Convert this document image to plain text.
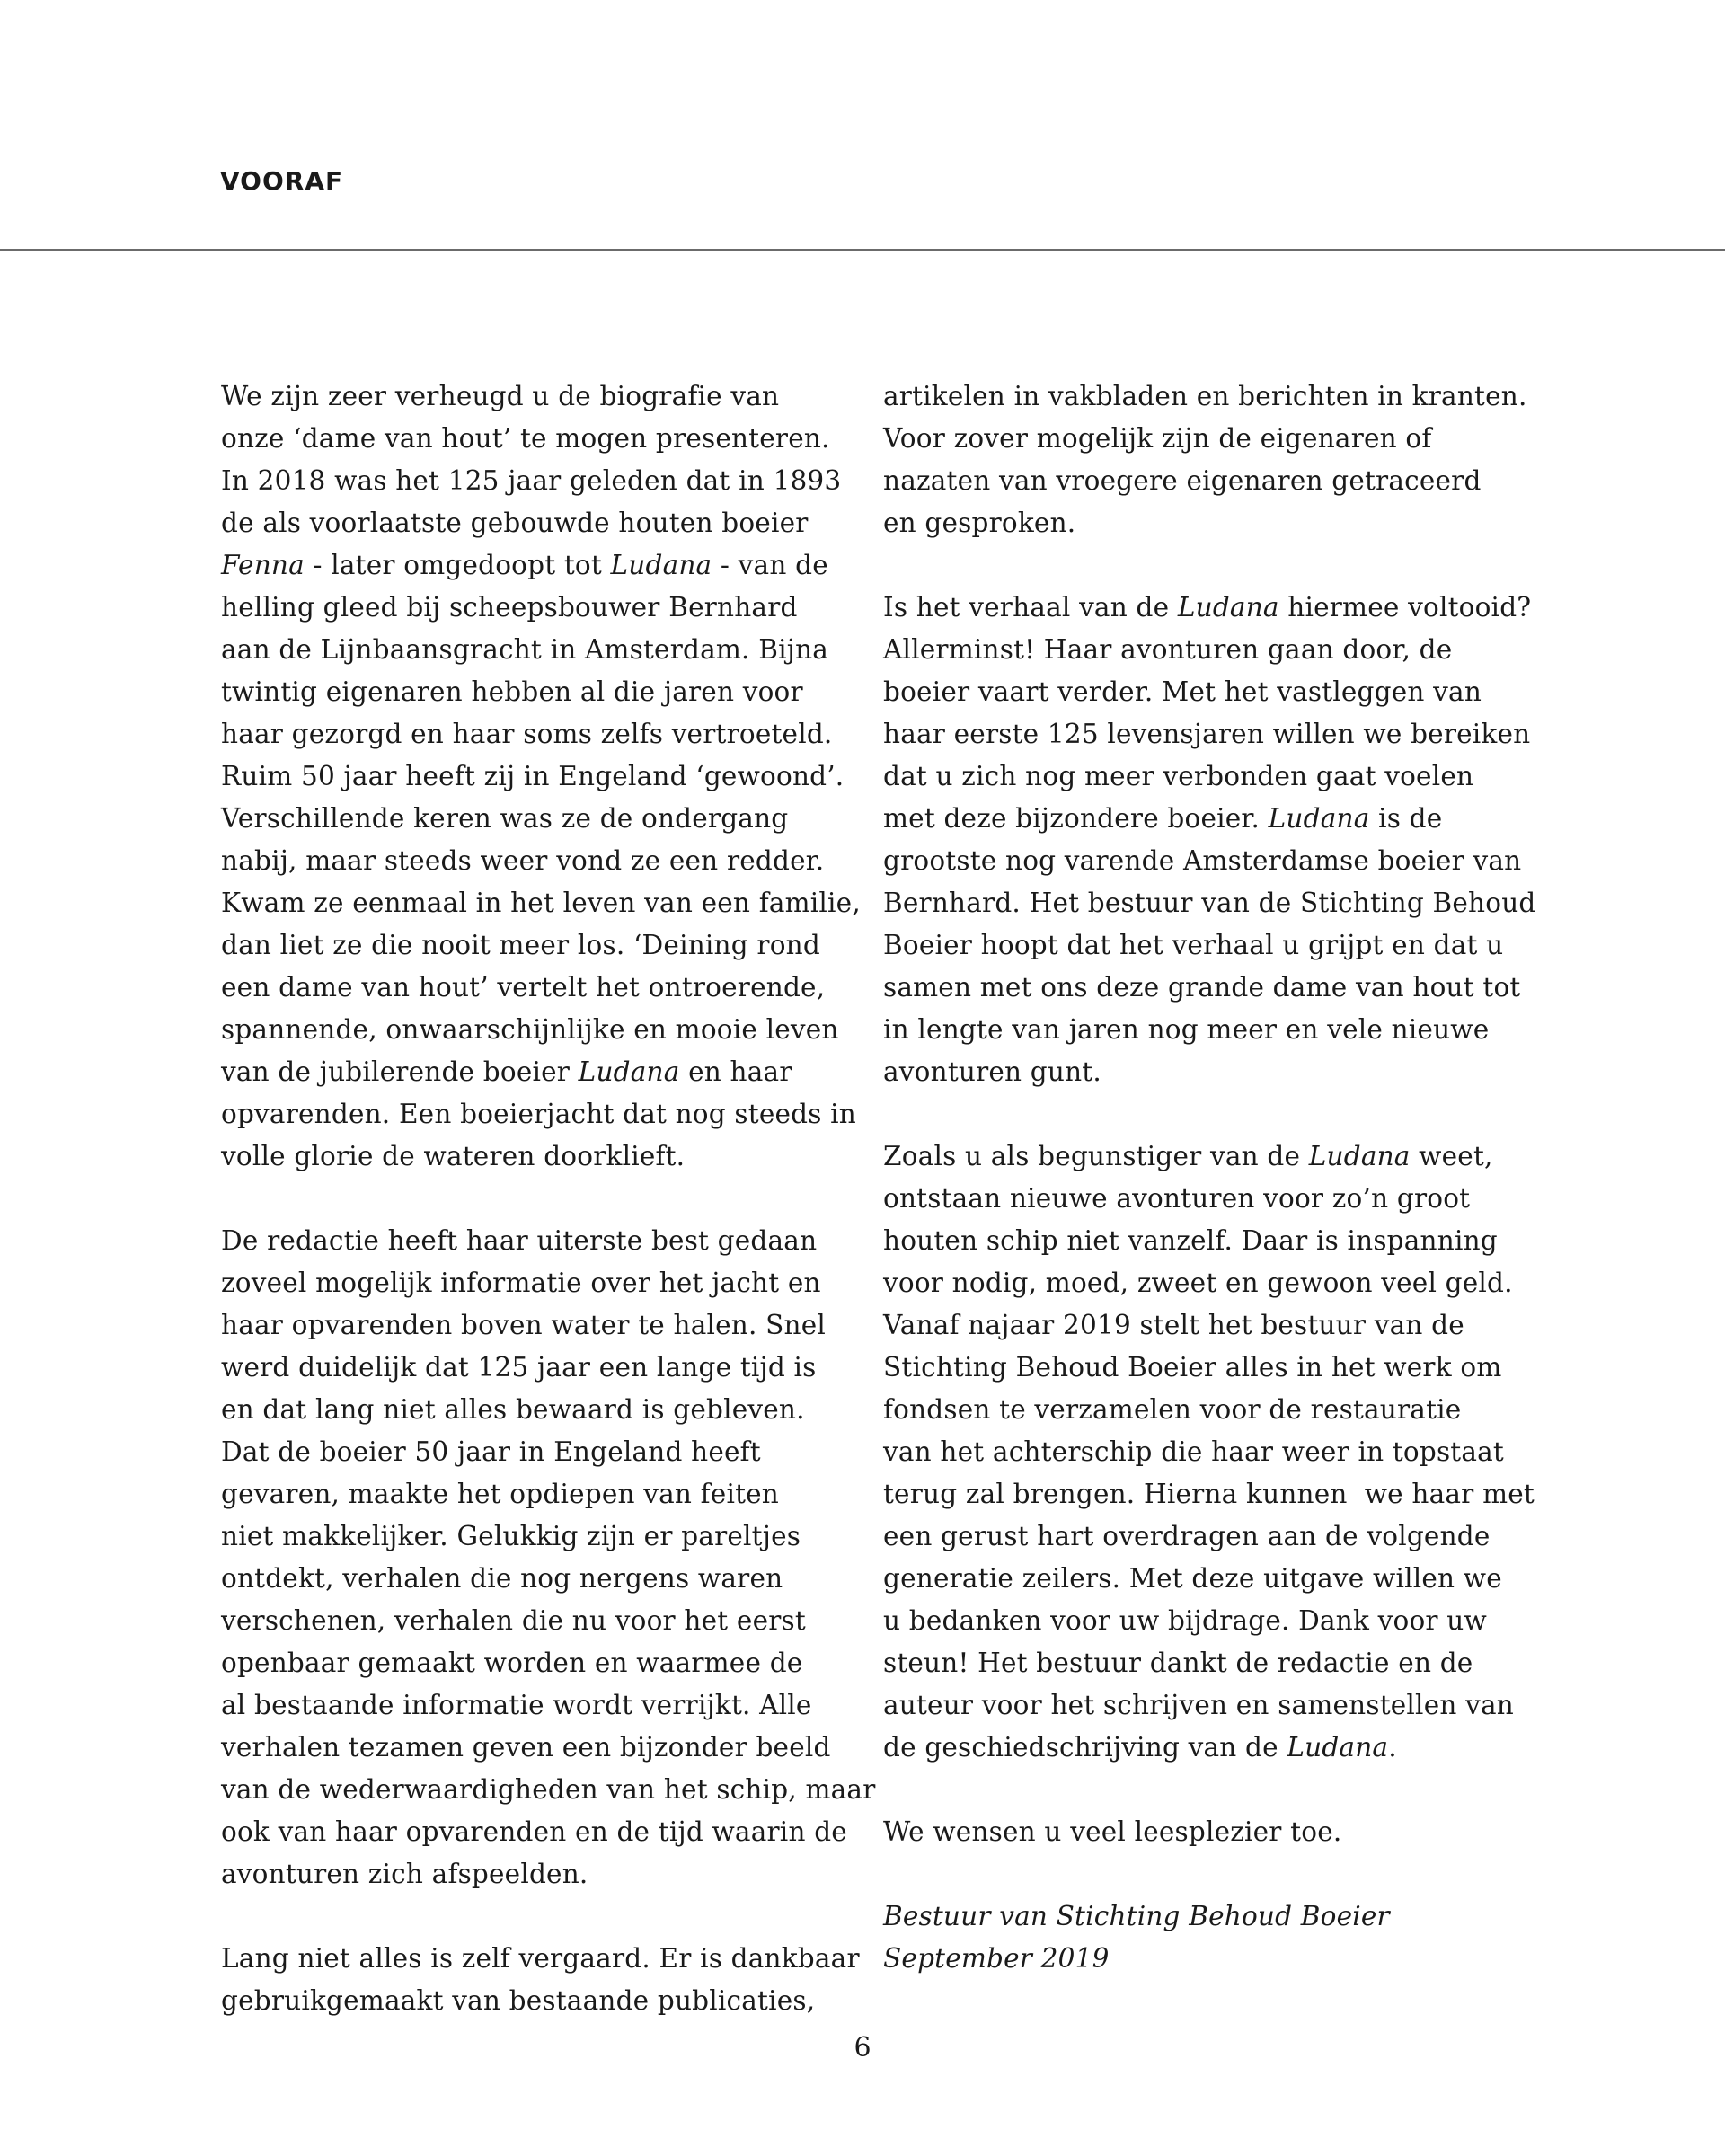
VOORAF

We zijn zeer verheugd u de biografie van
onze ‘dame van hout’ te mogen presenteren.
In 2018 was het 125 jaar geleden dat in 1893
de als voorlaatste gebouwde houten boeier
Fenna - later omgedoopt tot Ludana - van de
helling gleed bij scheepsbouwer Bernhard
aan de Lijnbaansgracht in Amsterdam. Bijna
twintig eigenaren hebben al die jaren voor
haar gezorgd en haar soms zelfs vertroeteld.
Ruim 50 jaar heeft zij in Engeland ‘gewoond’.
Verschillende keren was ze de ondergang
nabij, maar steeds weer vond ze een redder.
Kwam ze eenmaal in het leven van een familie,
dan liet ze die nooit meer los. ‘Deining rond
een dame van hout’ vertelt het ontroerende,
spannende, onwaarschijnlijke en mooie leven
van de jubilerende boeier Ludana en haar
opvarenden. Een boeierjacht dat nog steeds in
volle glorie de wateren doorklieft.

De redactie heeft haar uiterste best gedaan
zoveel mogelijk informatie over het jacht en
haar opvarenden boven water te halen. Snel
werd duidelijk dat 125 jaar een lange tijd is
en dat lang niet alles bewaard is gebleven.
Dat de boeier 50 jaar in Engeland heeft
gevaren, maakte het opdiepen van feiten
niet makkelijker. Gelukkig zijn er pareltjes
ontdekt, verhalen die nog nergens waren
verschenen, verhalen die nu voor het eerst
openbaar gemaakt worden en waarmee de
al bestaande informatie wordt verrijkt. Alle
verhalen tezamen geven een bijzonder beeld
van de wederwaardigheden van het schip, maar
ook van haar opvarenden en de tijd waarin de
avonturen zich afspeelden.

Lang niet alles is zelf vergaard. Er is dankbaar
gebruikgemaakt van bestaande publicaties,

artikelen in vakbladen en berichten in kranten.
Voor zover mogelijk zijn de eigenaren of
nazaten van vroegere eigenaren getraceerd
en gesproken.

Is het verhaal van de Ludana hiermee voltooid?
Allerminst! Haar avonturen gaan door, de
boeier vaart verder. Met het vastleggen van
haar eerste 125 levensjaren willen we bereiken
dat u zich nog meer verbonden gaat voelen
met deze bijzondere boeier. Ludana is de
grootste nog varende Amsterdamse boeier van
Bernhard. Het bestuur van de Stichting Behoud
Boeier hoopt dat het verhaal u grijpt en dat u
samen met ons deze grande dame van hout tot
in lengte van jaren nog meer en vele nieuwe
avonturen gunt.

Zoals u als begunstiger van de Ludana weet,
ontstaan nieuwe avonturen voor zo’n groot
houten schip niet vanzelf. Daar is inspanning
voor nodig, moed, zweet en gewoon veel geld.
Vanaf najaar 2019 stelt het bestuur van de
Stichting Behoud Boeier alles in het werk om
fondsen te verzamelen voor de restauratie
van het achterschip die haar weer in topstaat
terug zal brengen. Hierna kunnen  we haar met
een gerust hart overdragen aan de volgende
generatie zeilers. Met deze uitgave willen we
u bedanken voor uw bijdrage. Dank voor uw
steun! Het bestuur dankt de redactie en de
auteur voor het schrijven en samenstellen van
de geschiedschrijving van de Ludana.

We wensen u veel leesplezier toe.

Bestuur van Stichting Behoud Boeier
September 2019

6
